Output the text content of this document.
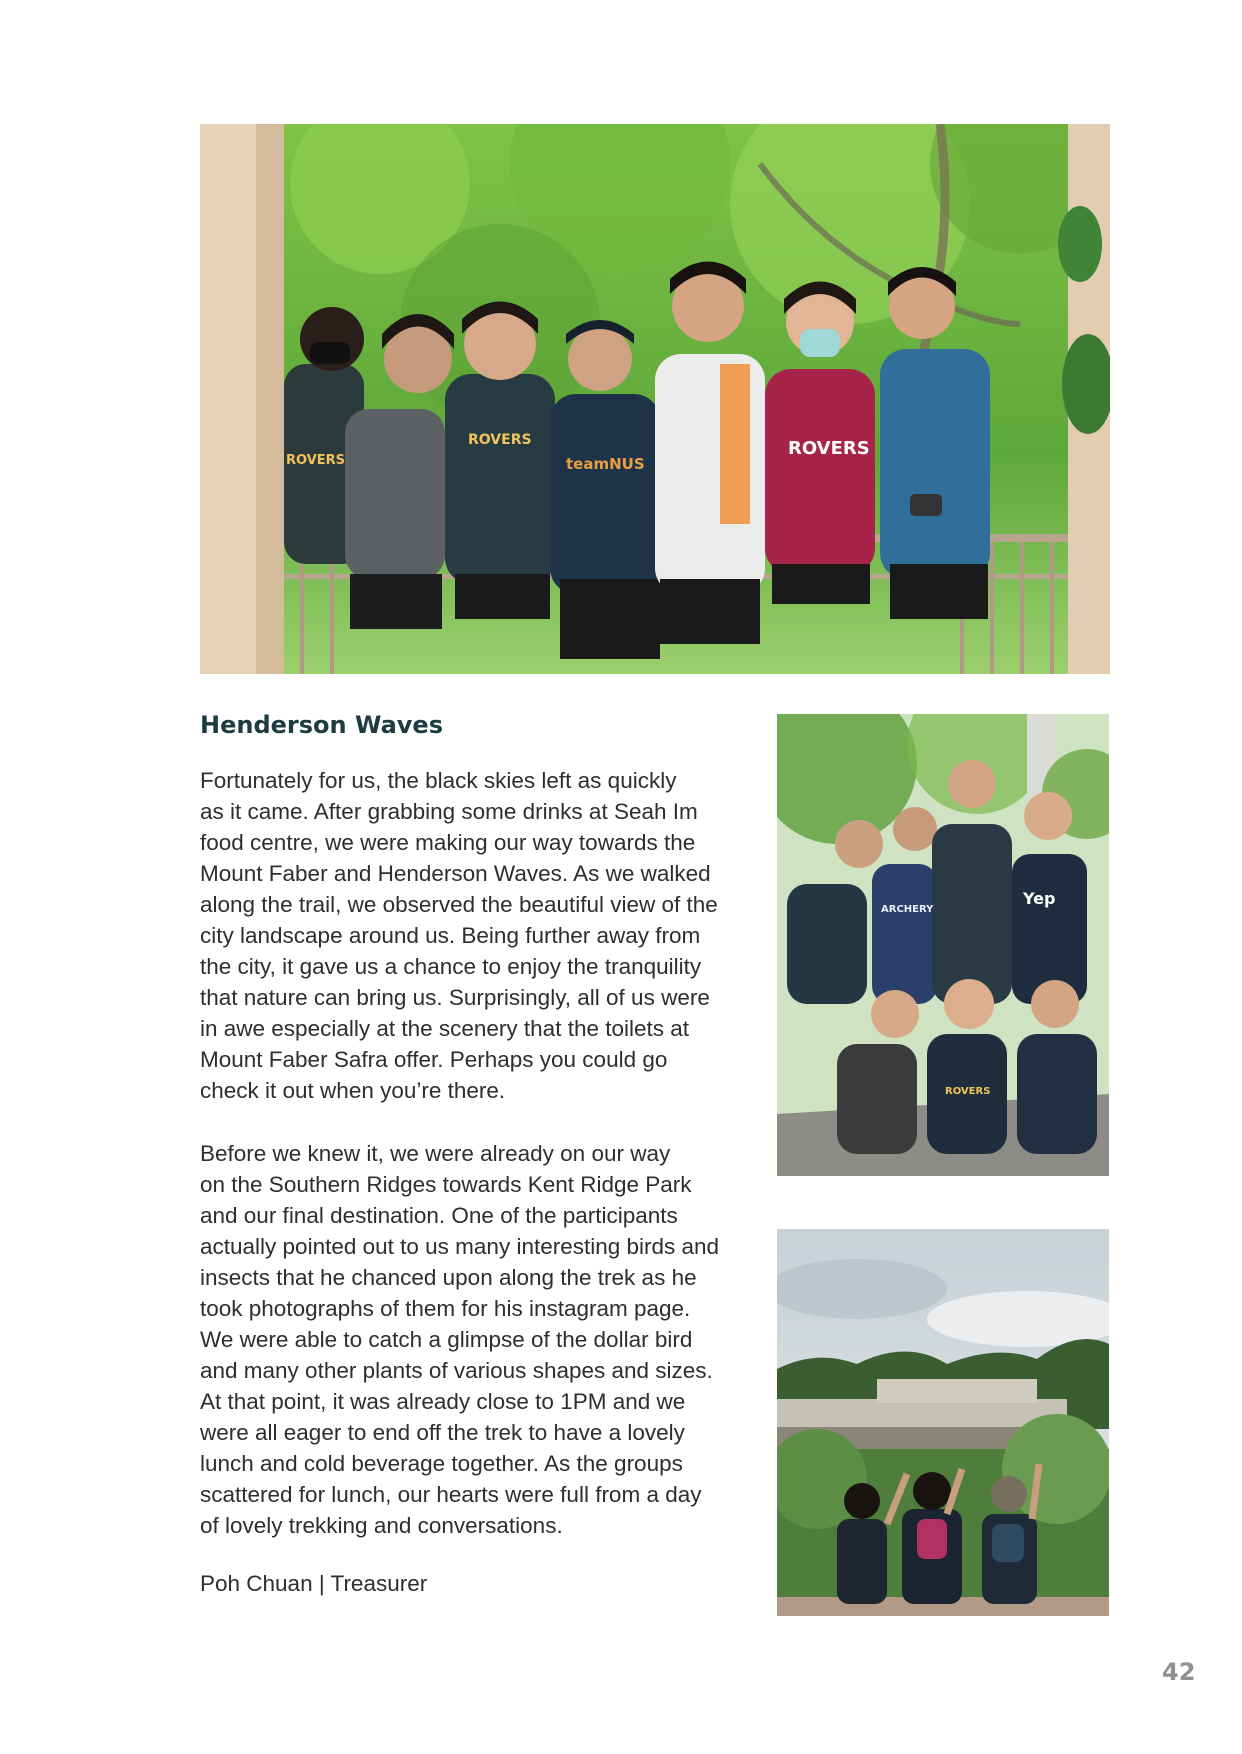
ROVERS
teamNUS
ROVERS
ROVERS
Henderson Waves
Fortunately for us, the black skies left as quickly
as it came. After grabbing some drinks at Seah Im
food centre, we were making our way towards the
Mount Faber and Henderson Waves. As we walked
along the trail, we observed the beautiful view of the
city landscape around us. Being further away from
the city, it gave us a chance to enjoy the tranquility
that nature can bring us. Surprisingly, all of us were
in awe especially at the scenery that the toilets at
Mount Faber Safra offer. Perhaps you could go
check it out when you’re there.
Before we knew it, we were already on our way
on the Southern Ridges towards Kent Ridge Park
and our final destination. One of the participants
actually pointed out to us many interesting birds and
insects that he chanced upon along the trek as he
took photographs of them for his instagram page.
We were able to catch a glimpse of the dollar bird
and many other plants of various shapes and sizes.
At that point, it was already close to 1PM and we
were all eager to end off the trek to have a lovely
lunch and cold beverage together. As the groups
scattered for lunch, our hearts were full from a day
of lovely trekking and conversations.
Poh Chuan | Treasurer
ARCHERY
Yep
ROVERS
42
